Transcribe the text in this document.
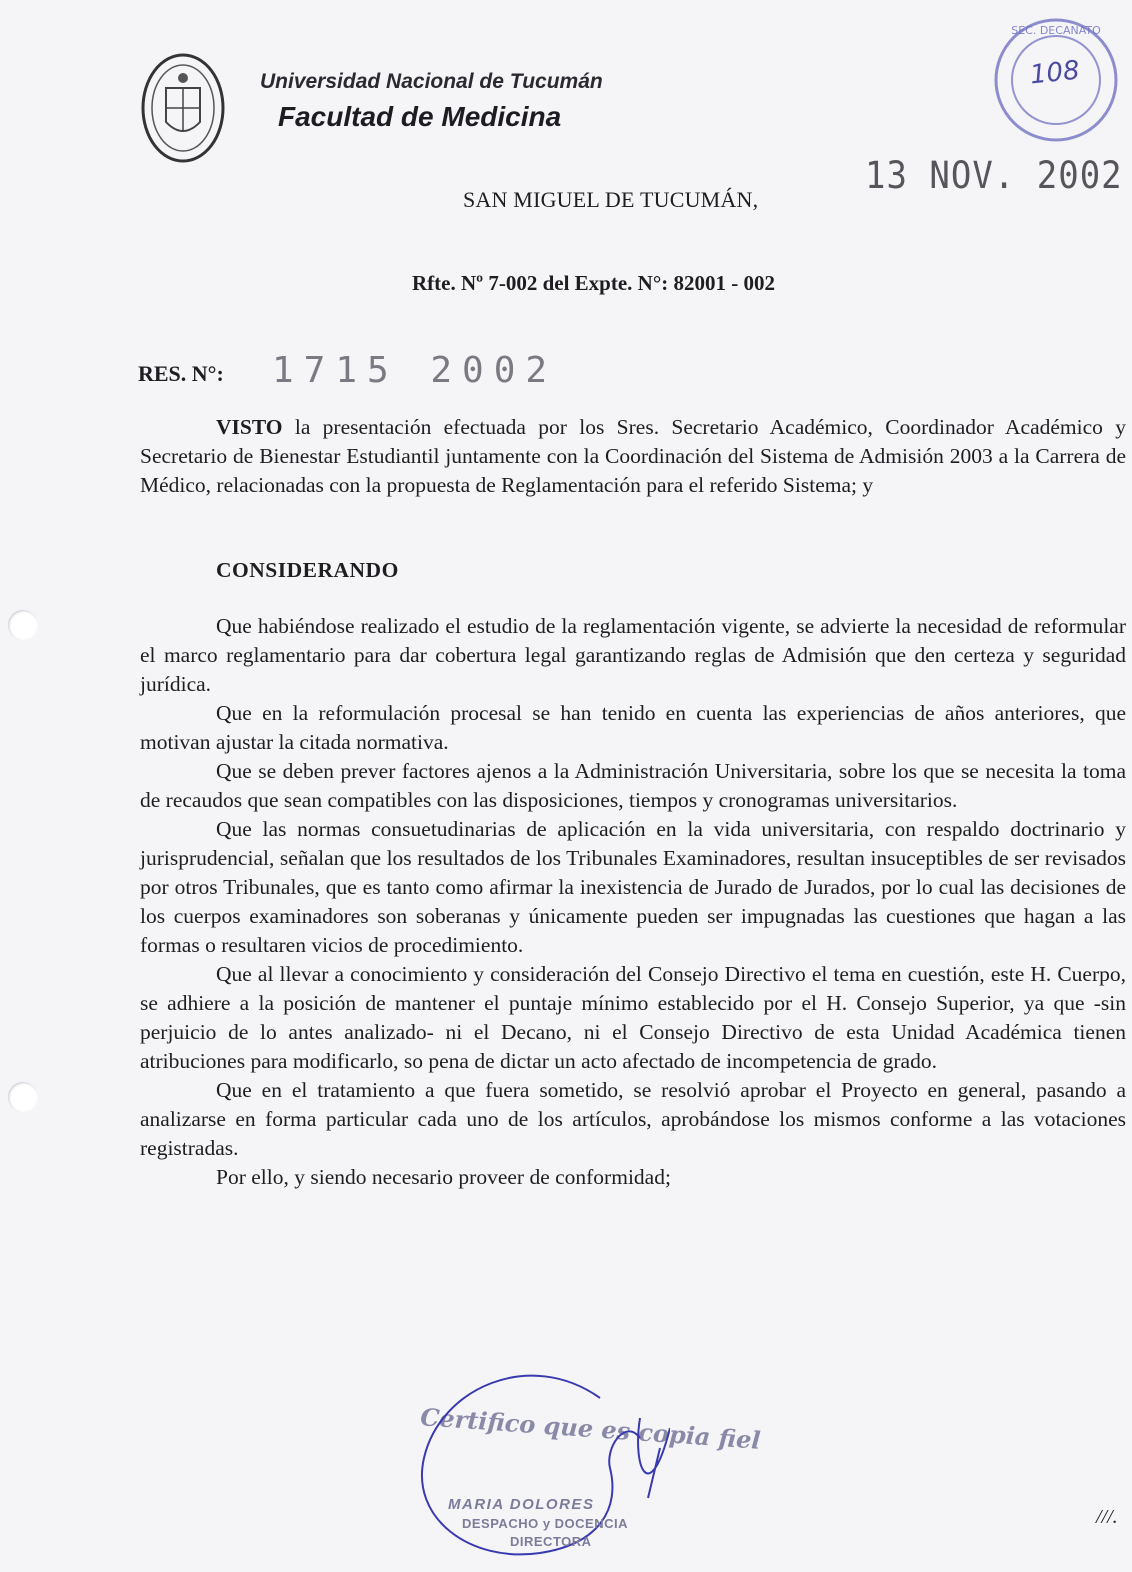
Universidad Nacional de Tucumán
Facultad de Medicina
SEC. DECANATO
108
13 NOV. 2002
SAN MIGUEL DE TUCUMÁN,
Rfte. Nº 7-002 del Expte. N°: 82001 - 002
RES. N°: 1715 2002

VISTO la presentación efectuada por los Sres. Secretario Académico, Coordinador Académico y Secretario de Bienestar Estudiantil juntamente con la Coordinación del Sistema de Admisión 2003 a la Carrera de Médico, relacionadas con la propuesta de Reglamentación para el referido Sistema; y

CONSIDERANDO

Que habiéndose realizado el estudio de la reglamentación vigente, se advierte la necesidad de reformular el marco reglamentario para dar cobertura legal garantizando reglas de Admisión que den certeza y seguridad jurídica.

Que en la reformulación procesal se han tenido en cuenta las experiencias de años anteriores, que motivan ajustar la citada normativa.

Que se deben prever factores ajenos a la Administración Universitaria, sobre los que se necesita la toma de recaudos que sean compatibles con las disposiciones, tiempos y cronogramas universitarios.

Que las normas consuetudinarias de aplicación en la vida universitaria, con respaldo doctrinario y jurisprudencial, señalan que los resultados de los Tribunales Examinadores, resultan insuceptibles de ser revisados por otros Tribunales, que es tanto como afirmar la inexistencia de Jurado de Jurados, por lo cual las decisiones de los cuerpos examinadores son soberanas y únicamente pueden ser impugnadas las cuestiones que hagan a las formas o resultaren vicios de procedimiento.

Que al llevar a conocimiento y consideración del Consejo Directivo el tema en cuestión, este H. Cuerpo, se adhiere a la posición de mantener el puntaje mínimo establecido por el H. Consejo Superior, ya que -sin perjuicio de lo antes analizado- ni el Decano, ni el Consejo Directivo de esta Unidad Académica tienen atribuciones para modificarlo, so pena de dictar un acto afectado de incompetencia de grado.

Que en el tratamiento a que fuera sometido, se resolvió aprobar el Proyecto en general, pasando a analizarse en forma particular cada uno de los artículos, aprobándose los mismos conforme a las votaciones registradas.

Por ello, y siendo necesario proveer de conformidad;

Certifico que es copia fiel
MARIA DOLORES
DESPACHO y DOCENCIA
DIRECTORA
///.
